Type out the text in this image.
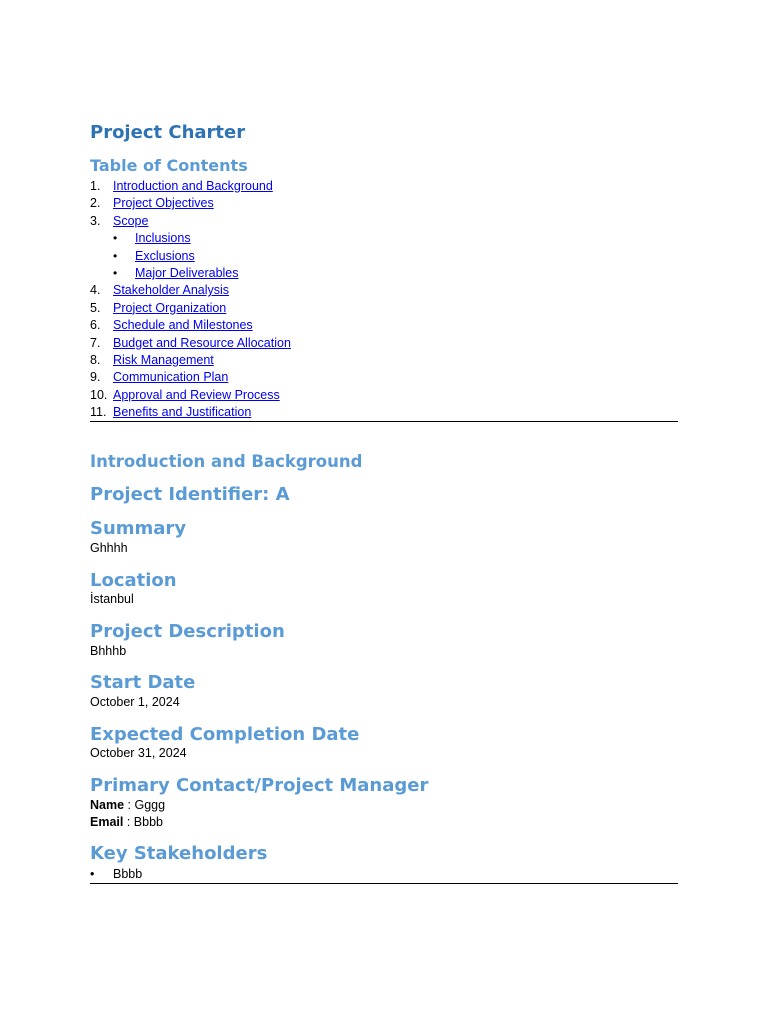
Project Charter
Table of Contents
1. Introduction and Background
2. Project Objectives
3. Scope
• Inclusions
• Exclusions
• Major Deliverables
4. Stakeholder Analysis
5. Project Organization
6. Schedule and Milestones
7. Budget and Resource Allocation
8. Risk Management
9. Communication Plan
10. Approval and Review Process
11. Benefits and Justification
Introduction and Background
Project Identifier: A
Summary

Ghhhh

Location

İstanbul

Project Description

Bhhhb

Start Date

October 1, 2024

Expected Completion Date

October 31, 2024

Primary Contact/Project Manager

Name : Gggg

Email : Bbbb

Key Stakeholders
• Bbbb
